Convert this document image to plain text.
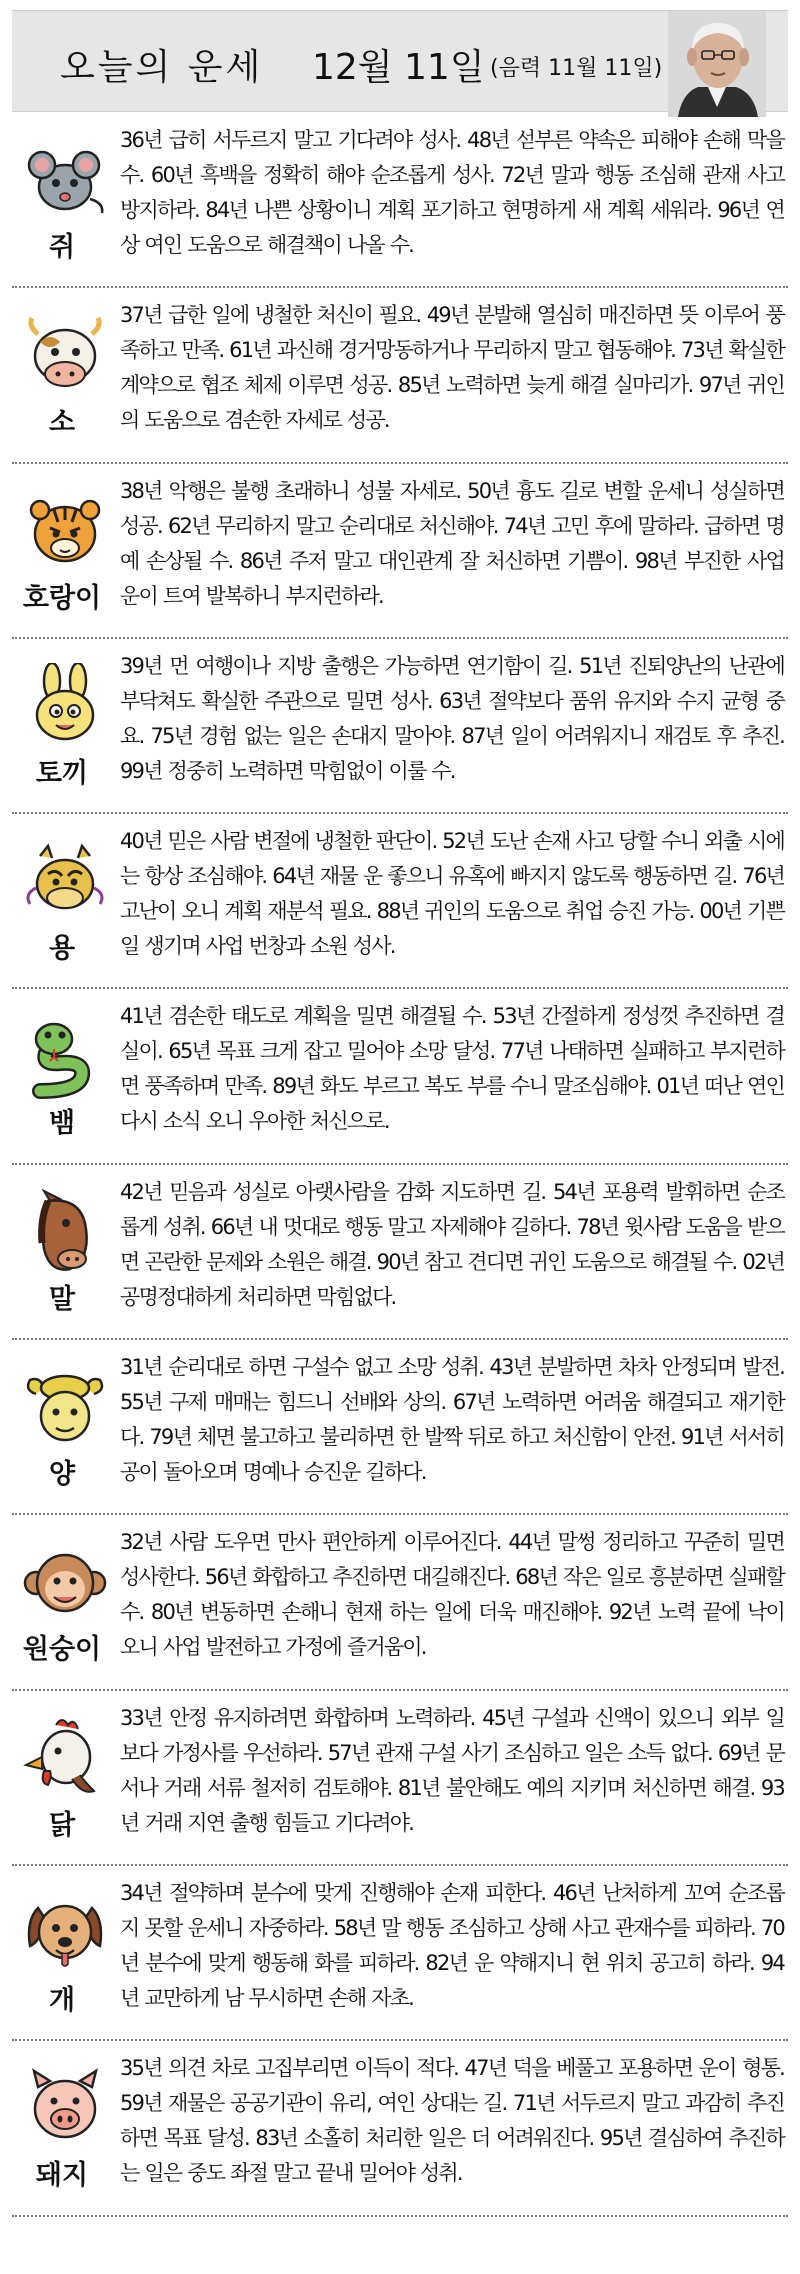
오늘의 운세 12월 11일 (음력 11월 11일)
쥐
36년 급히 서두르지 말고 기다려야 성사. 48년 섣부른 약속은 피해야 손해 막을 수. 60년 흑백을 정확히 해야 순조롭게 성사. 72년 말과 행동 조심해 관재 사고 방지하라. 84년 나쁜 상황이니 계획 포기하고 현명하게 새 계획 세워라. 96년 연상 여인 도움으로 해결책이 나올 수.
소
37년 급한 일에 냉철한 처신이 필요. 49년 분발해 열심히 매진하면 뜻 이루어 풍족하고 만족. 61년 과신해 경거망동하거나 무리하지 말고 협동해야. 73년 확실한 계약으로 협조 체제 이루면 성공. 85년 노력하면 늦게 해결 실마리가. 97년 귀인의 도움으로 겸손한 자세로 성공.
호랑이
38년 악행은 불행 초래하니 성불 자세로. 50년 흉도 길로 변할 운세니 성실하면 성공. 62년 무리하지 말고 순리대로 처신해야. 74년 고민 후에 말하라. 급하면 명예 손상될 수. 86년 주저 말고 대인관계 잘 처신하면 기쁨이. 98년 부진한 사업 운이 트여 발복하니 부지런하라.
토끼
39년 먼 여행이나 지방 출행은 가능하면 연기함이 길. 51년 진퇴양난의 난관에 부닥쳐도 확실한 주관으로 밀면 성사. 63년 절약보다 품위 유지와 수지 균형 중요. 75년 경험 없는 일은 손대지 말아야. 87년 일이 어려워지니 재검토 후 추진. 99년 정중히 노력하면 막힘없이 이룰 수.
용
40년 믿은 사람 변절에 냉철한 판단이. 52년 도난 손재 사고 당할 수니 외출 시에는 항상 조심해야. 64년 재물 운 좋으니 유혹에 빠지지 않도록 행동하면 길. 76년 고난이 오니 계획 재분석 필요. 88년 귀인의 도움으로 취업 승진 가능. 00년 기쁜 일 생기며 사업 번창과 소원 성사.
뱀
41년 겸손한 태도로 계획을 밀면 해결될 수. 53년 간절하게 정성껏 추진하면 결실이. 65년 목표 크게 잡고 밀어야 소망 달성. 77년 나태하면 실패하고 부지런하면 풍족하며 만족. 89년 화도 부르고 복도 부를 수니 말조심해야. 01년 떠난 연인 다시 소식 오니 우아한 처신으로.
말
42년 믿음과 성실로 아랫사람을 감화 지도하면 길. 54년 포용력 발휘하면 순조롭게 성취. 66년 내 멋대로 행동 말고 자제해야 길하다. 78년 윗사람 도움을 받으면 곤란한 문제와 소원은 해결. 90년 참고 견디면 귀인 도움으로 해결될 수. 02년 공명정대하게 처리하면 막힘없다.
양
31년 순리대로 하면 구설수 없고 소망 성취. 43년 분발하면 차차 안정되며 발전. 55년 구제 매매는 힘드니 선배와 상의. 67년 노력하면 어려움 해결되고 재기한다. 79년 체면 불고하고 불리하면 한 발짝 뒤로 하고 처신함이 안전. 91년 서서히 공이 돌아오며 명예나 승진운 길하다.
원숭이
32년 사람 도우면 만사 편안하게 이루어진다. 44년 말썽 정리하고 꾸준히 밀면 성사한다. 56년 화합하고 추진하면 대길해진다. 68년 작은 일로 흥분하면 실패할 수. 80년 변동하면 손해니 현재 하는 일에 더욱 매진해야. 92년 노력 끝에 낙이 오니 사업 발전하고 가정에 즐거움이.
닭
33년 안정 유지하려면 화합하며 노력하라. 45년 구설과 신액이 있으니 외부 일보다 가정사를 우선하라. 57년 관재 구설 사기 조심하고 일은 소득 없다. 69년 문서나 거래 서류 철저히 검토해야. 81년 불안해도 예의 지키며 처신하면 해결. 93년 거래 지연 출행 힘들고 기다려야.
개
34년 절약하며 분수에 맞게 진행해야 손재 피한다. 46년 난처하게 꼬여 순조롭지 못할 운세니 자중하라. 58년 말 행동 조심하고 상해 사고 관재수를 피하라. 70년 분수에 맞게 행동해 화를 피하라. 82년 운 약해지니 현 위치 공고히 하라. 94년 교만하게 남 무시하면 손해 자초.
돼지
35년 의견 차로 고집부리면 이득이 적다. 47년 덕을 베풀고 포용하면 운이 형통. 59년 재물은 공공기관이 유리, 여인 상대는 길. 71년 서두르지 말고 과감히 추진하면 목표 달성. 83년 소홀히 처리한 일은 더 어려워진다. 95년 결심하여 추진하는 일은 중도 좌절 말고 끝내 밀어야 성취.
